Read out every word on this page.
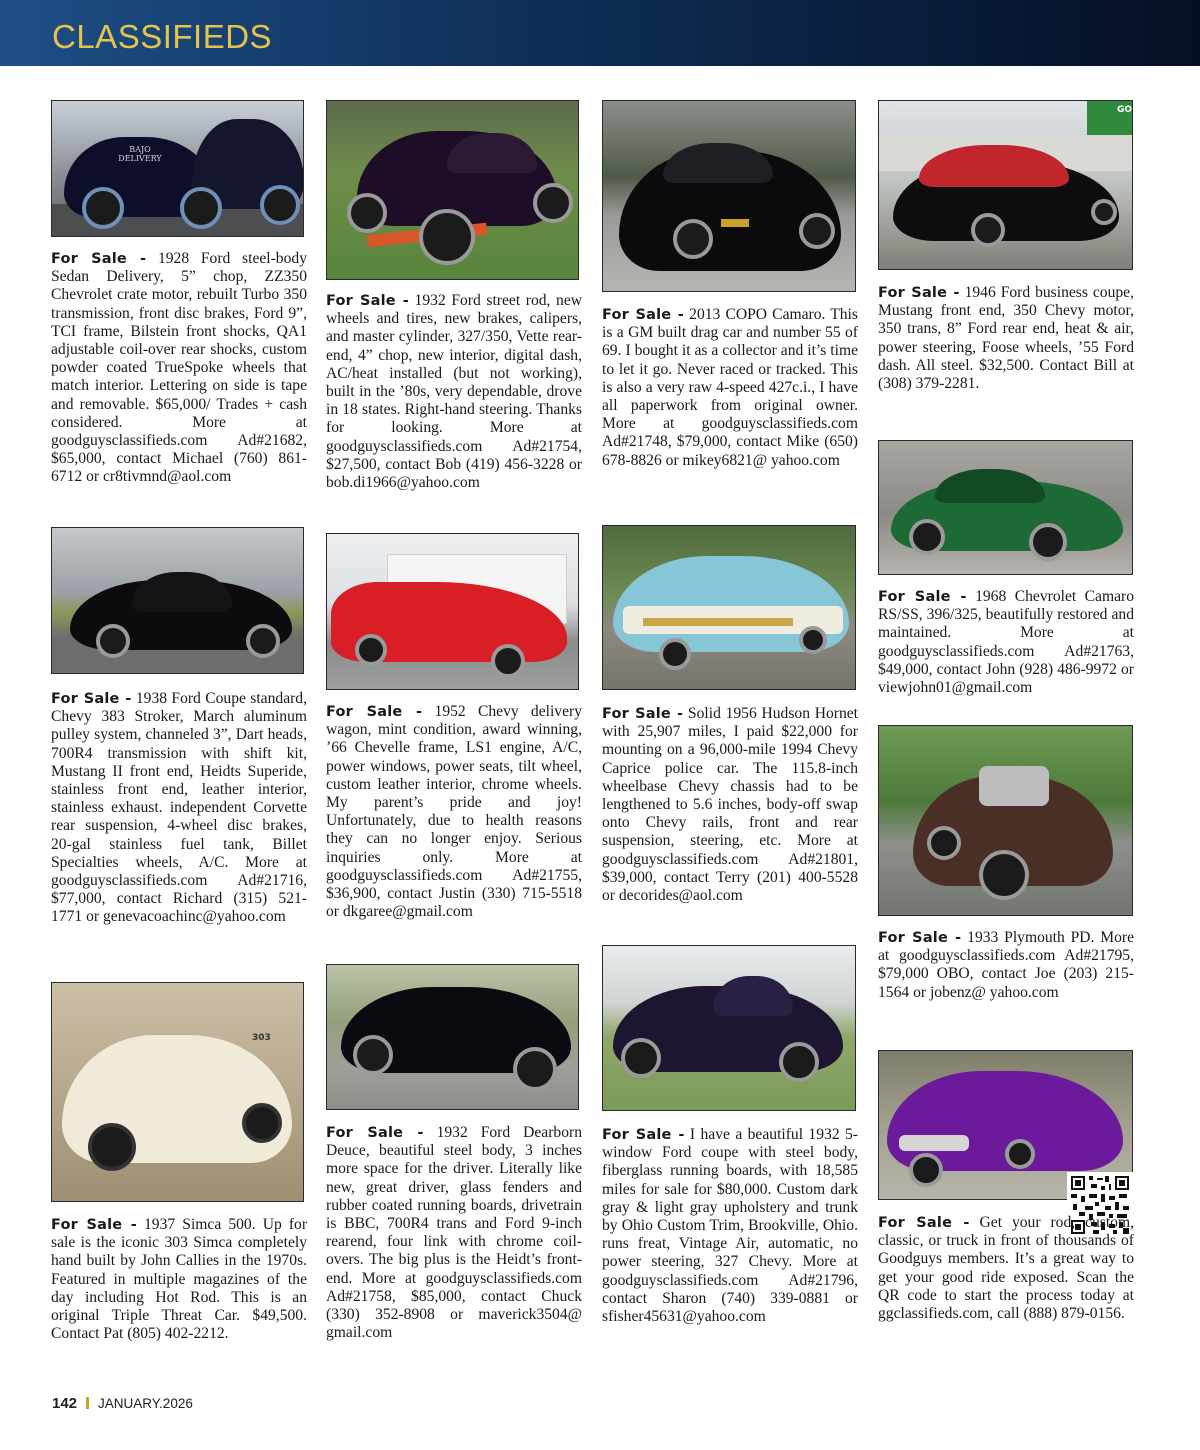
CLASSIFIEDS
BAJO DELIVERY
For Sale - 1928 Ford steel-body Sedan Delivery, 5” chop, ZZ350 Chevrolet crate motor, rebuilt Turbo 350 transmission, front disc brakes, Ford 9”, TCI frame, Bilstein front shocks, QA1 adjustable coil-over rear shocks, custom powder coated TrueSpoke wheels that match interior. Lettering on side is tape and removable. $65,000/ Trades + cash considered. More at goodguysclassifieds.com Ad#21682, $65,000, contact Michael (760) 861-6712 or cr8tivmnd@aol.com
For Sale - 1932 Ford street rod, new wheels and tires, new brakes, calipers, and master cylinder, 327/350, Vette rear-end, 4” chop, new interior, digital dash, AC/heat installed (but not working), built in the ’80s, very dependable, drove in 18 states. Right-hand steering. Thanks for looking. More at goodguysclassifieds.com Ad#21754, $27,500, contact Bob (419) 456-3228 or bob.di1966@yahoo.com
For Sale - 2013 COPO Camaro. This is a GM built drag car and number 55 of 69. I bought it as a collector and it’s time to let it go. Never raced or tracked. This is also a very raw 4-speed 427c.i., I have all paperwork from original owner. More at goodguysclassifieds.com Ad#21748, $79,000, contact Mike (650) 678-8826 or mikey6821@ yahoo.com
GO
For Sale - 1946 Ford business coupe, Mustang front end, 350 Chevy motor, 350 trans, 8” Ford rear end, heat & air, power steering, Foose wheels, ’55 Ford dash. All steel. $32,500. Contact Bill at (308) 379-2281.
For Sale - 1968 Chevrolet Camaro RS/SS, 396/325, beautifully restored and maintained. More at goodguysclassifieds.com Ad#21763, $49,000, contact John (928) 486-9972 or viewjohn01@gmail.com
For Sale - 1938 Ford Coupe standard, Chevy 383 Stroker, March aluminum pulley system, channeled 3”, Dart heads, 700R4 transmission with shift kit, Mustang II front end, Heidts Superide, stainless front end, leather interior, stainless exhaust. independent Corvette rear suspension, 4-wheel disc brakes, 20-gal stainless fuel tank, Billet Specialties wheels, A/C. More at goodguysclassifieds.com Ad#21716, $77,000, contact Richard (315) 521-1771 or genevacoachinc@yahoo.com
For Sale - 1952 Chevy delivery wagon, mint condition, award winning, ’66 Chevelle frame, LS1 engine, A/C, power windows, power seats, tilt wheel, custom leather interior, chrome wheels. My parent’s pride and joy! Unfortunately, due to health reasons they can no longer enjoy. Serious inquiries only. More at goodguysclassifieds.com Ad#21755, $36,900, contact Justin (330) 715-5518 or dkgaree@gmail.com
For Sale - Solid 1956 Hudson Hornet with 25,907 miles, I paid $22,000 for mounting on a 96,000-mile 1994 Chevy Caprice police car. The 115.8-inch wheelbase Chevy chassis had to be lengthened to 5.6 inches, body-off swap onto Chevy rails, front and rear suspension, steering, etc. More at goodguysclassifieds.com Ad#21801, $39,000, contact Terry (201) 400-5528 or decorides@aol.com
For Sale - 1933 Plymouth PD. More at goodguysclassifieds.com Ad#21795, $79,000 OBO, contact Joe (203) 215-1564 or jobenz@ yahoo.com
303
For Sale - 1937 Simca 500. Up for sale is the iconic 303 Simca completely hand built by John Callies in the 1970s. Featured in multiple magazines of the day including Hot Rod. This is an original Triple Threat Car. $49,500. Contact Pat (805) 402-2212.
For Sale - 1932 Ford Dearborn Deuce, beautiful steel body, 3 inches more space for the driver. Literally like new, great driver, glass fenders and rubber coated running boards, drivetrain is BBC, 700R4 trans and Ford 9-inch rearend, four link with chrome coil-overs. The big plus is the Heidt’s front-end. More at goodguysclassifieds.com Ad#21758, $85,000, contact Chuck (330) 352-8908 or maverick3504@ gmail.com
For Sale - I have a beautiful 1932 5-window Ford coupe with steel body, fiberglass running boards, with 18,585 miles for sale for $80,000. Custom dark gray & light gray upholstery and trunk by Ohio Custom Trim, Brookville, Ohio. runs freat, Vintage Air, automatic, no power steering, 327 Chevy. More at goodguysclassifieds.com Ad#21796, contact Sharon (740) 339-0881 or sfisher45631@yahoo.com
For Sale - Get your rod, custom, classic, or truck in front of thousands of Goodguys members. It’s a great way to get your good ride exposed. Scan the QR code to start the process today at ggclassifieds.com, call (888) 879-0156.
142 JANUARY.2026
